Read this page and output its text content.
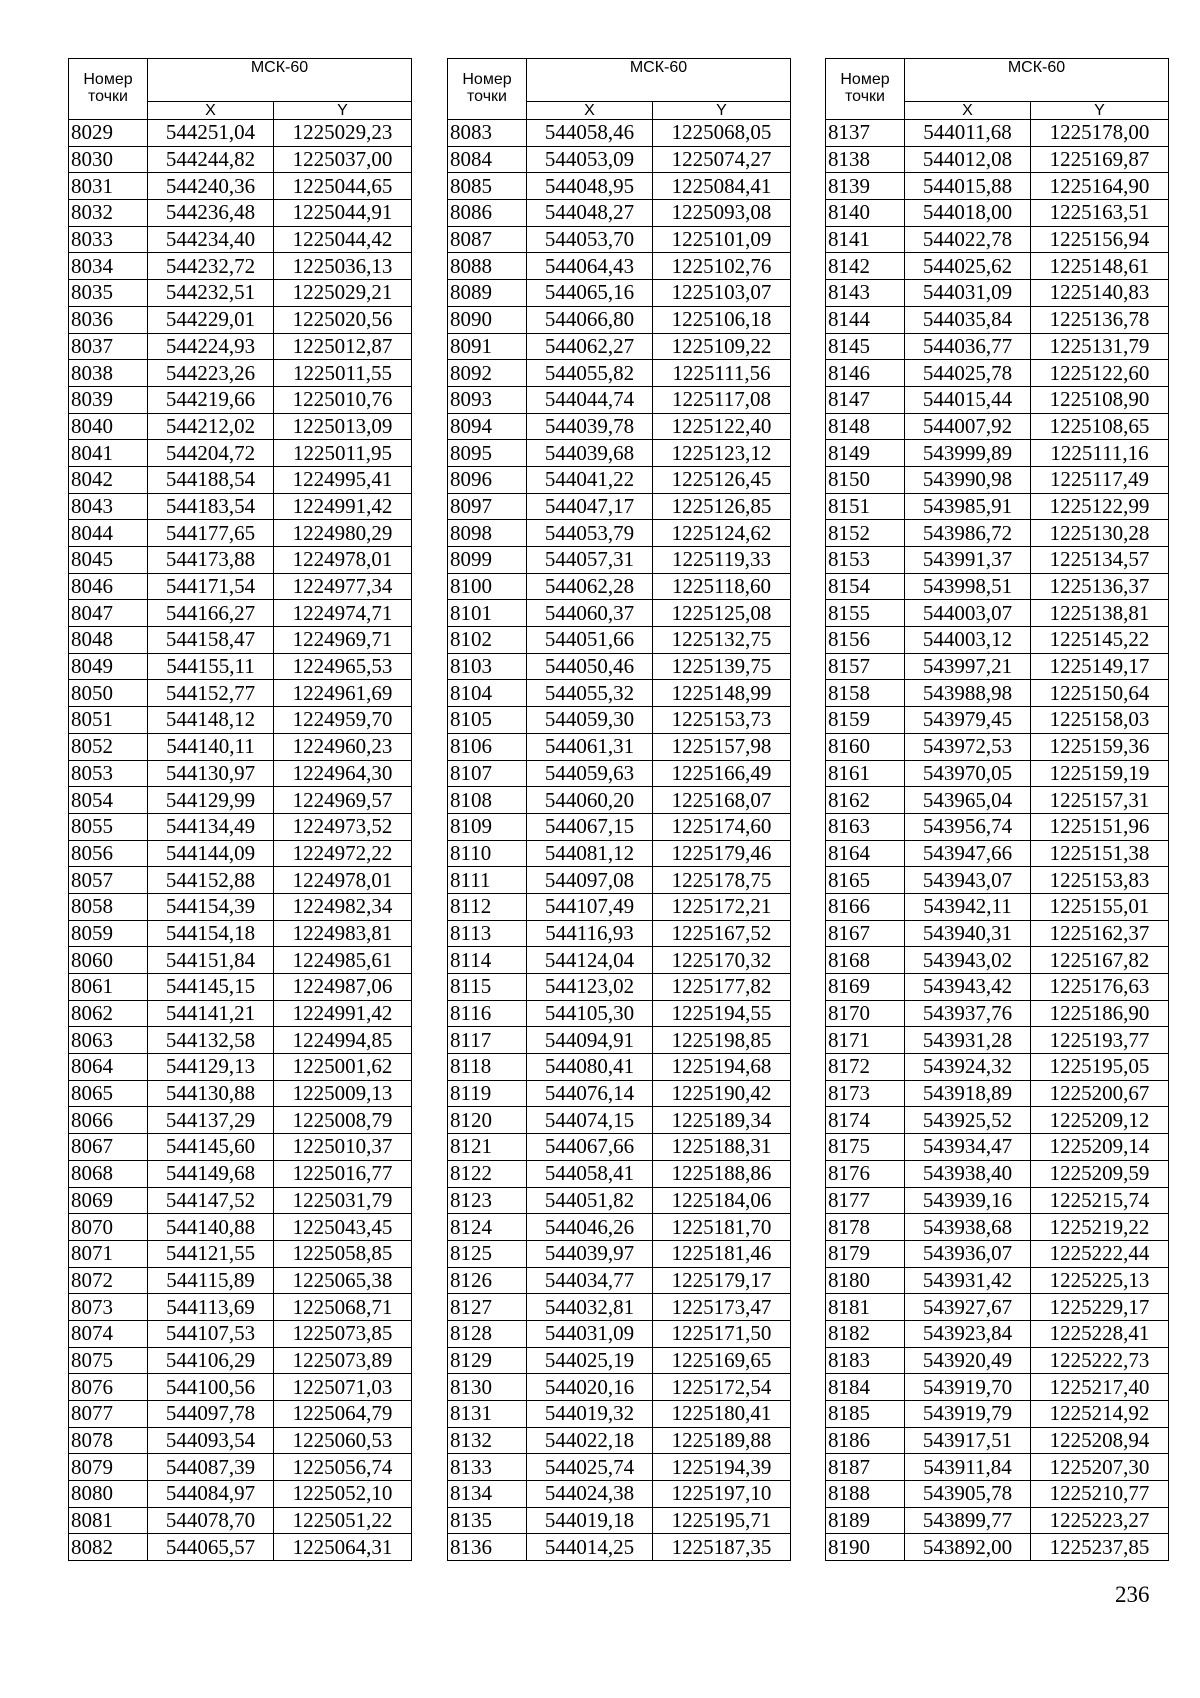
Номер
точки	МСК-60	
	X	Y
8029	544251,04	1225029,23
8030	544244,82	1225037,00
8031	544240,36	1225044,65
8032	544236,48	1225044,91
8033	544234,40	1225044,42
8034	544232,72	1225036,13
8035	544232,51	1225029,21
8036	544229,01	1225020,56
8037	544224,93	1225012,87
8038	544223,26	1225011,55
8039	544219,66	1225010,76
8040	544212,02	1225013,09
8041	544204,72	1225011,95
8042	544188,54	1224995,41
8043	544183,54	1224991,42
8044	544177,65	1224980,29
8045	544173,88	1224978,01
8046	544171,54	1224977,34
8047	544166,27	1224974,71
8048	544158,47	1224969,71
8049	544155,11	1224965,53
8050	544152,77	1224961,69
8051	544148,12	1224959,70
8052	544140,11	1224960,23
8053	544130,97	1224964,30
8054	544129,99	1224969,57
8055	544134,49	1224973,52
8056	544144,09	1224972,22
8057	544152,88	1224978,01
8058	544154,39	1224982,34
8059	544154,18	1224983,81
8060	544151,84	1224985,61
8061	544145,15	1224987,06
8062	544141,21	1224991,42
8063	544132,58	1224994,85
8064	544129,13	1225001,62
8065	544130,88	1225009,13
8066	544137,29	1225008,79
8067	544145,60	1225010,37
8068	544149,68	1225016,77
8069	544147,52	1225031,79
8070	544140,88	1225043,45
8071	544121,55	1225058,85
8072	544115,89	1225065,38
8073	544113,69	1225068,71
8074	544107,53	1225073,85
8075	544106,29	1225073,89
8076	544100,56	1225071,03
8077	544097,78	1225064,79
8078	544093,54	1225060,53
8079	544087,39	1225056,74
8080	544084,97	1225052,10
8081	544078,70	1225051,22
8082	544065,57	1225064,31
Номер
точки	МСК-60	
	X	Y
8083	544058,46	1225068,05
8084	544053,09	1225074,27
8085	544048,95	1225084,41
8086	544048,27	1225093,08
8087	544053,70	1225101,09
8088	544064,43	1225102,76
8089	544065,16	1225103,07
8090	544066,80	1225106,18
8091	544062,27	1225109,22
8092	544055,82	1225111,56
8093	544044,74	1225117,08
8094	544039,78	1225122,40
8095	544039,68	1225123,12
8096	544041,22	1225126,45
8097	544047,17	1225126,85
8098	544053,79	1225124,62
8099	544057,31	1225119,33
8100	544062,28	1225118,60
8101	544060,37	1225125,08
8102	544051,66	1225132,75
8103	544050,46	1225139,75
8104	544055,32	1225148,99
8105	544059,30	1225153,73
8106	544061,31	1225157,98
8107	544059,63	1225166,49
8108	544060,20	1225168,07
8109	544067,15	1225174,60
8110	544081,12	1225179,46
8111	544097,08	1225178,75
8112	544107,49	1225172,21
8113	544116,93	1225167,52
8114	544124,04	1225170,32
8115	544123,02	1225177,82
8116	544105,30	1225194,55
8117	544094,91	1225198,85
8118	544080,41	1225194,68
8119	544076,14	1225190,42
8120	544074,15	1225189,34
8121	544067,66	1225188,31
8122	544058,41	1225188,86
8123	544051,82	1225184,06
8124	544046,26	1225181,70
8125	544039,97	1225181,46
8126	544034,77	1225179,17
8127	544032,81	1225173,47
8128	544031,09	1225171,50
8129	544025,19	1225169,65
8130	544020,16	1225172,54
8131	544019,32	1225180,41
8132	544022,18	1225189,88
8133	544025,74	1225194,39
8134	544024,38	1225197,10
8135	544019,18	1225195,71
8136	544014,25	1225187,35
Номер
точки	МСК-60	
	X	Y
8137	544011,68	1225178,00
8138	544012,08	1225169,87
8139	544015,88	1225164,90
8140	544018,00	1225163,51
8141	544022,78	1225156,94
8142	544025,62	1225148,61
8143	544031,09	1225140,83
8144	544035,84	1225136,78
8145	544036,77	1225131,79
8146	544025,78	1225122,60
8147	544015,44	1225108,90
8148	544007,92	1225108,65
8149	543999,89	1225111,16
8150	543990,98	1225117,49
8151	543985,91	1225122,99
8152	543986,72	1225130,28
8153	543991,37	1225134,57
8154	543998,51	1225136,37
8155	544003,07	1225138,81
8156	544003,12	1225145,22
8157	543997,21	1225149,17
8158	543988,98	1225150,64
8159	543979,45	1225158,03
8160	543972,53	1225159,36
8161	543970,05	1225159,19
8162	543965,04	1225157,31
8163	543956,74	1225151,96
8164	543947,66	1225151,38
8165	543943,07	1225153,83
8166	543942,11	1225155,01
8167	543940,31	1225162,37
8168	543943,02	1225167,82
8169	543943,42	1225176,63
8170	543937,76	1225186,90
8171	543931,28	1225193,77
8172	543924,32	1225195,05
8173	543918,89	1225200,67
8174	543925,52	1225209,12
8175	543934,47	1225209,14
8176	543938,40	1225209,59
8177	543939,16	1225215,74
8178	543938,68	1225219,22
8179	543936,07	1225222,44
8180	543931,42	1225225,13
8181	543927,67	1225229,17
8182	543923,84	1225228,41
8183	543920,49	1225222,73
8184	543919,70	1225217,40
8185	543919,79	1225214,92
8186	543917,51	1225208,94
8187	543911,84	1225207,30
8188	543905,78	1225210,77
8189	543899,77	1225223,27
8190	543892,00	1225237,85
236
